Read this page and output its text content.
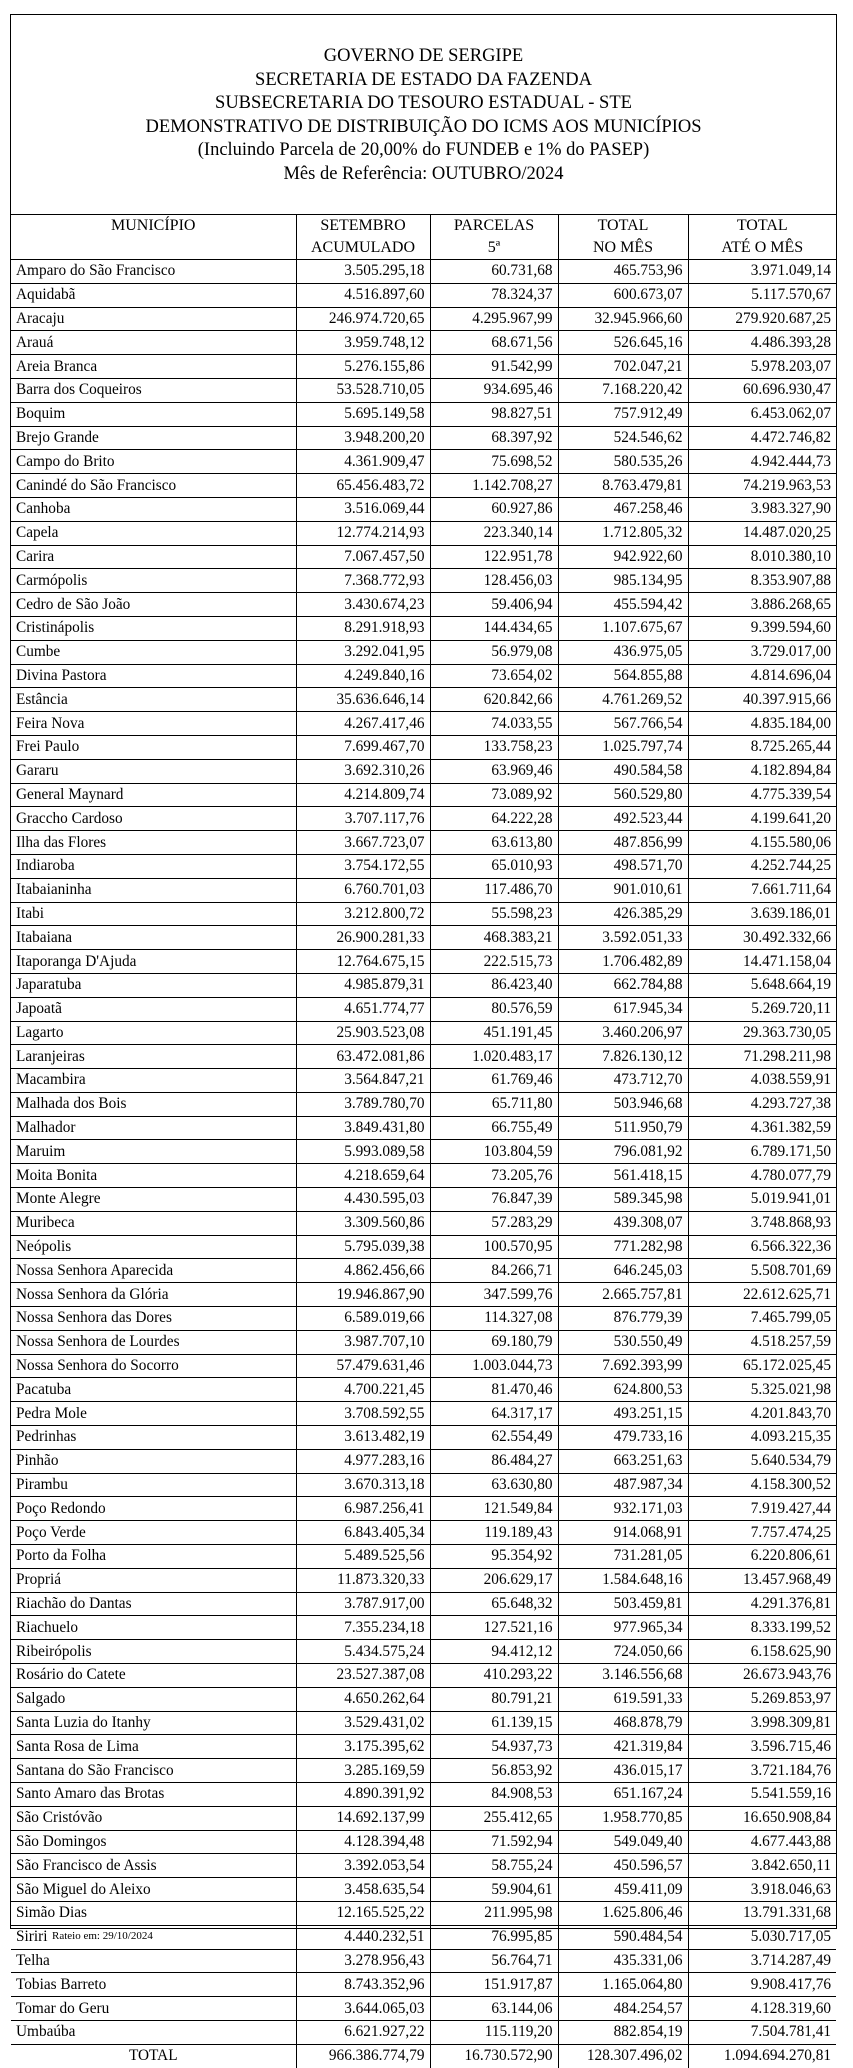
GOVERNO DE SERGIPE
SECRETARIA DE ESTADO DA FAZENDA
SUBSECRETARIA DO TESOURO ESTADUAL - STE
DEMONSTRATIVO DE DISTRIBUIÇÃO DO ICMS AOS MUNICÍPIOS
(Incluindo Parcela de 20,00% do FUNDEB e 1% do PASEP)
Mês de Referência: OUTUBRO/2024
MUNICÍPIO	SETEMBRO	PARCELAS	TOTAL	TOTAL
	ACUMULADO	5ª	NO MÊS	ATÉ O MÊS
Amparo do São Francisco	3.505.295,18	60.731,68	465.753,96	3.971.049,14
Aquidabã	4.516.897,60	78.324,37	600.673,07	5.117.570,67
Aracaju	246.974.720,65	4.295.967,99	32.945.966,60	279.920.687,25
Arauá	3.959.748,12	68.671,56	526.645,16	4.486.393,28
Areia Branca	5.276.155,86	91.542,99	702.047,21	5.978.203,07
Barra dos Coqueiros	53.528.710,05	934.695,46	7.168.220,42	60.696.930,47
Boquim	5.695.149,58	98.827,51	757.912,49	6.453.062,07
Brejo Grande	3.948.200,20	68.397,92	524.546,62	4.472.746,82
Campo do Brito	4.361.909,47	75.698,52	580.535,26	4.942.444,73
Canindé do São Francisco	65.456.483,72	1.142.708,27	8.763.479,81	74.219.963,53
Canhoba	3.516.069,44	60.927,86	467.258,46	3.983.327,90
Capela	12.774.214,93	223.340,14	1.712.805,32	14.487.020,25
Carira	7.067.457,50	122.951,78	942.922,60	8.010.380,10
Carmópolis	7.368.772,93	128.456,03	985.134,95	8.353.907,88
Cedro de São João	3.430.674,23	59.406,94	455.594,42	3.886.268,65
Cristinápolis	8.291.918,93	144.434,65	1.107.675,67	9.399.594,60
Cumbe	3.292.041,95	56.979,08	436.975,05	3.729.017,00
Divina Pastora	4.249.840,16	73.654,02	564.855,88	4.814.696,04
Estância	35.636.646,14	620.842,66	4.761.269,52	40.397.915,66
Feira Nova	4.267.417,46	74.033,55	567.766,54	4.835.184,00
Frei Paulo	7.699.467,70	133.758,23	1.025.797,74	8.725.265,44
Gararu	3.692.310,26	63.969,46	490.584,58	4.182.894,84
General Maynard	4.214.809,74	73.089,92	560.529,80	4.775.339,54
Graccho Cardoso	3.707.117,76	64.222,28	492.523,44	4.199.641,20
Ilha das Flores	3.667.723,07	63.613,80	487.856,99	4.155.580,06
Indiaroba	3.754.172,55	65.010,93	498.571,70	4.252.744,25
Itabaianinha	6.760.701,03	117.486,70	901.010,61	7.661.711,64
Itabi	3.212.800,72	55.598,23	426.385,29	3.639.186,01
Itabaiana	26.900.281,33	468.383,21	3.592.051,33	30.492.332,66
Itaporanga D'Ajuda	12.764.675,15	222.515,73	1.706.482,89	14.471.158,04
Japaratuba	4.985.879,31	86.423,40	662.784,88	5.648.664,19
Japoatã	4.651.774,77	80.576,59	617.945,34	5.269.720,11
Lagarto	25.903.523,08	451.191,45	3.460.206,97	29.363.730,05
Laranjeiras	63.472.081,86	1.020.483,17	7.826.130,12	71.298.211,98
Macambira	3.564.847,21	61.769,46	473.712,70	4.038.559,91
Malhada dos Bois	3.789.780,70	65.711,80	503.946,68	4.293.727,38
Malhador	3.849.431,80	66.755,49	511.950,79	4.361.382,59
Maruim	5.993.089,58	103.804,59	796.081,92	6.789.171,50
Moita Bonita	4.218.659,64	73.205,76	561.418,15	4.780.077,79
Monte Alegre	4.430.595,03	76.847,39	589.345,98	5.019.941,01
Muribeca	3.309.560,86	57.283,29	439.308,07	3.748.868,93
Neópolis	5.795.039,38	100.570,95	771.282,98	6.566.322,36
Nossa Senhora Aparecida	4.862.456,66	84.266,71	646.245,03	5.508.701,69
Nossa Senhora da Glória	19.946.867,90	347.599,76	2.665.757,81	22.612.625,71
Nossa Senhora das Dores	6.589.019,66	114.327,08	876.779,39	7.465.799,05
Nossa Senhora de Lourdes	3.987.707,10	69.180,79	530.550,49	4.518.257,59
Nossa Senhora do Socorro	57.479.631,46	1.003.044,73	7.692.393,99	65.172.025,45
Pacatuba	4.700.221,45	81.470,46	624.800,53	5.325.021,98
Pedra Mole	3.708.592,55	64.317,17	493.251,15	4.201.843,70
Pedrinhas	3.613.482,19	62.554,49	479.733,16	4.093.215,35
Pinhão	4.977.283,16	86.484,27	663.251,63	5.640.534,79
Pirambu	3.670.313,18	63.630,80	487.987,34	4.158.300,52
Poço Redondo	6.987.256,41	121.549,84	932.171,03	7.919.427,44
Poço Verde	6.843.405,34	119.189,43	914.068,91	7.757.474,25
Porto da Folha	5.489.525,56	95.354,92	731.281,05	6.220.806,61
Propriá	11.873.320,33	206.629,17	1.584.648,16	13.457.968,49
Riachão do Dantas	3.787.917,00	65.648,32	503.459,81	4.291.376,81
Riachuelo	7.355.234,18	127.521,16	977.965,34	8.333.199,52
Ribeirópolis	5.434.575,24	94.412,12	724.050,66	6.158.625,90
Rosário do Catete	23.527.387,08	410.293,22	3.146.556,68	26.673.943,76
Salgado	4.650.262,64	80.791,21	619.591,33	5.269.853,97
Santa Luzia do Itanhy	3.529.431,02	61.139,15	468.878,79	3.998.309,81
Santa Rosa de Lima	3.175.395,62	54.937,73	421.319,84	3.596.715,46
Santana do São Francisco	3.285.169,59	56.853,92	436.015,17	3.721.184,76
Santo Amaro das Brotas	4.890.391,92	84.908,53	651.167,24	5.541.559,16
São Cristóvão	14.692.137,99	255.412,65	1.958.770,85	16.650.908,84
São Domingos	4.128.394,48	71.592,94	549.049,40	4.677.443,88
São Francisco de Assis	3.392.053,54	58.755,24	450.596,57	3.842.650,11
São Miguel do Aleixo	3.458.635,54	59.904,61	459.411,09	3.918.046,63
Simão Dias	12.165.525,22	211.995,98	1.625.806,46	13.791.331,68
Siriri	4.440.232,51	76.995,85	590.484,54	5.030.717,05
Telha	3.278.956,43	56.764,71	435.331,06	3.714.287,49
Tobias Barreto	8.743.352,96	151.917,87	1.165.064,80	9.908.417,76
Tomar do Geru	3.644.065,03	63.144,06	484.254,57	4.128.319,60
Umbaúba	6.621.927,22	115.119,20	882.854,19	7.504.781,41
TOTAL	966.386.774,79	16.730.572,90	128.307.496,02	1.094.694.270,81
Rateio em: 29/10/2024
